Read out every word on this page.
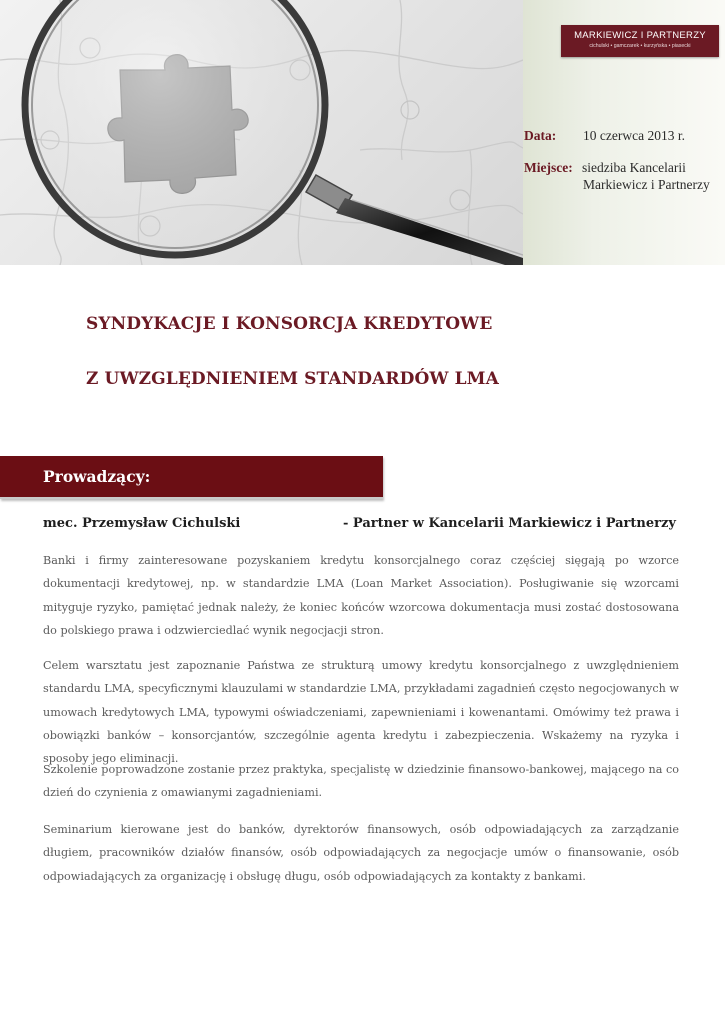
MARKIEWICZ I PARTNERZY
cichulski • gamczarek • kurzyńska • piasecki
Data: 10 czerwca 2013 r.
Miejsce: siedziba Kancelarii
Markiewicz i Partnerzy
SYNDYKACJE I KONSORCJA KREDYTOWE
Z UWZGLĘDNIENIEM STANDARDÓW LMA
Prowadzący:
mec. Przemysław Cichulski	- Partner w Kancelarii Markiewicz i Partnerzy

Banki i firmy zainteresowane pozyskaniem kredytu konsorcjalnego coraz częściej sięgają po wzorce dokumentacji kredytowej, np. w standardzie LMA (Loan Market Association). Posługiwanie się wzorcami mityguje ryzyko, pamiętać jednak należy, że koniec końców wzorcowa dokumentacja musi zostać dostosowana do polskiego prawa i odzwierciedlać wynik negocjacji stron.

Celem warsztatu jest zapoznanie Państwa ze strukturą umowy kredytu konsorcjalnego z uwzględnieniem standardu LMA, specyficznymi klauzulami w standardzie LMA, przykładami zagadnień często negocjowanych w umowach kredytowych LMA, typowymi oświadczeniami, zapewnieniami i kowenantami. Omówimy też prawa i obowiązki banków – konsorcjantów, szczególnie agenta kredytu i zabezpieczenia. Wskażemy na ryzyka i sposoby jego eliminacji.

Szkolenie poprowadzone zostanie przez praktyka, specjalistę w dziedzinie finansowo-bankowej, mającego na co dzień do czynienia z omawianymi zagadnieniami.

Seminarium kierowane jest do banków, dyrektorów finansowych, osób odpowiadających za zarządzanie długiem, pracowników działów finansów, osób odpowiadających za negocjacje umów o finansowanie, osób odpowiadających za organizację i obsługę długu, osób odpowiadających za kontakty z bankami.
